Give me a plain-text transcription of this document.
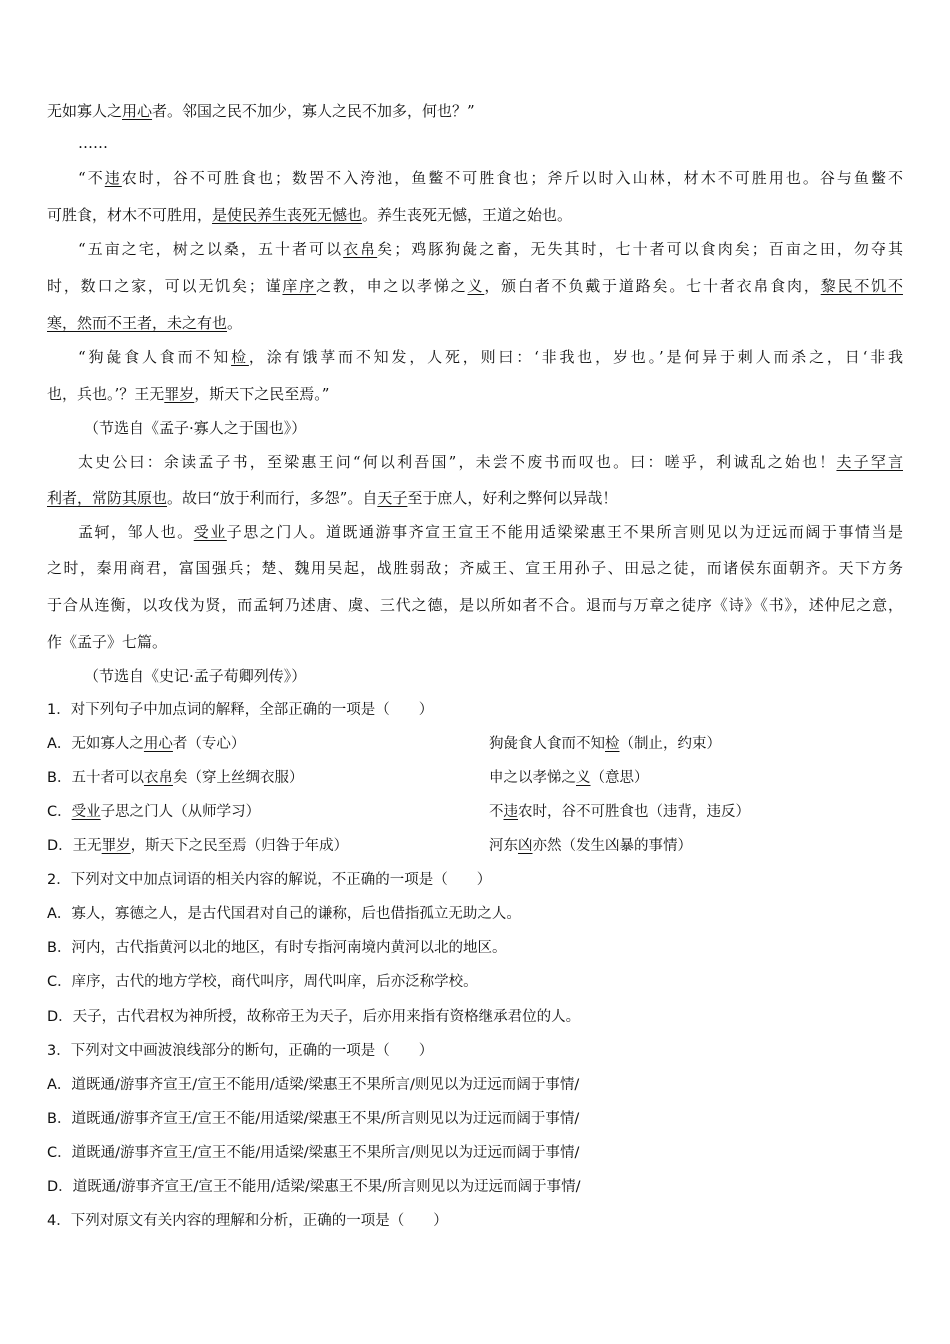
无如寡人之用心者。邻国之民不加少，寡人之民不加多，何也？”
……
“不违农时，谷不可胜食也；数罟不入洿池，鱼鳖不可胜食也；斧斤以时入山林，材木不可胜用也。谷与鱼鳖不
可胜食，材木不可胜用，是使民养生丧死无憾也。养生丧死无憾，王道之始也。
“五亩之宅，树之以桑，五十者可以衣帛矣；鸡豚狗彘之畜，无失其时，七十者可以食肉矣；百亩之田，勿夺其
时，数口之家，可以无饥矣；谨庠序之教，申之以孝悌之义，颁白者不负戴于道路矣。七十者衣帛食肉，黎民不饥不
寒，然而不王者，未之有也。
“狗彘食人食而不知检，涂有饿莩而不知发，人死，则曰：‘非我也，岁也。’是何异于刺人而杀之，日‘非我
也，兵也。’？王无罪岁，斯天下之民至焉。”
（节选自《孟子·寡人之于国也》）
太史公曰：余读孟子书，至梁惠王问“何以利吾国”，未尝不废书而叹也。曰：嗟乎，利诚乱之始也！夫子罕言
利者，常防其原也。故曰“放于利而行，多怨”。自天子至于庶人，好利之弊何以异哉！
孟轲，邹人也。受业子思之门人。道既通游事齐宣王宣王不能用适梁梁惠王不果所言则见以为迂远而阔于事情当是
之时，秦用商君，富国强兵；楚、魏用吴起，战胜弱敌；齐威王、宣王用孙子、田忌之徒，而诸侯东面朝齐。天下方务
于合从连衡，以攻伐为贤，而孟轲乃述唐、虞、三代之德，是以所如者不合。退而与万章之徒序《诗》《书》，述仲尼之意，
作《孟子》七篇。
（节选自《史记·孟子荀卿列传》）
1．对下列句子中加点词的解释，全部正确的一项是（　　）
A．无如寡人之用心者（专心）	狗彘食人食而不知检（制止，约束）
B．五十者可以衣帛矣（穿上丝绸衣服）	申之以孝悌之义（意思）
C．受业子思之门人（从师学习）	不违农时，谷不可胜食也（违背，违反）
D．王无罪岁，斯天下之民至焉（归咎于年成）	河东凶亦然（发生凶暴的事情）
2．下列对文中加点词语的相关内容的解说，不正确的一项是（　　）
A．寡人，寡德之人，是古代国君对自己的谦称，后也借指孤立无助之人。
B．河内，古代指黄河以北的地区，有时专指河南境内黄河以北的地区。
C．庠序，古代的地方学校，商代叫序，周代叫庠，后亦泛称学校。
D．天子，古代君权为神所授，故称帝王为天子，后亦用来指有资格继承君位的人。
3．下列对文中画波浪线部分的断句，正确的一项是（　　）
A．道既通/游事齐宣王/宣王不能用/适梁/梁惠王不果所言/则见以为迂远而阔于事情/
B．道既通/游事齐宣王/宣王不能/用适梁/梁惠王不果/所言则见以为迂远而阔于事情/
C．道既通/游事齐宣王/宣王不能/用适梁/梁惠王不果所言/则见以为迂远而阔于事情/
D．道既通/游事齐宣王/宣王不能用/适梁/梁惠王不果/所言则见以为迂远而阔于事情/
4．下列对原文有关内容的理解和分析，正确的一项是（　　）
